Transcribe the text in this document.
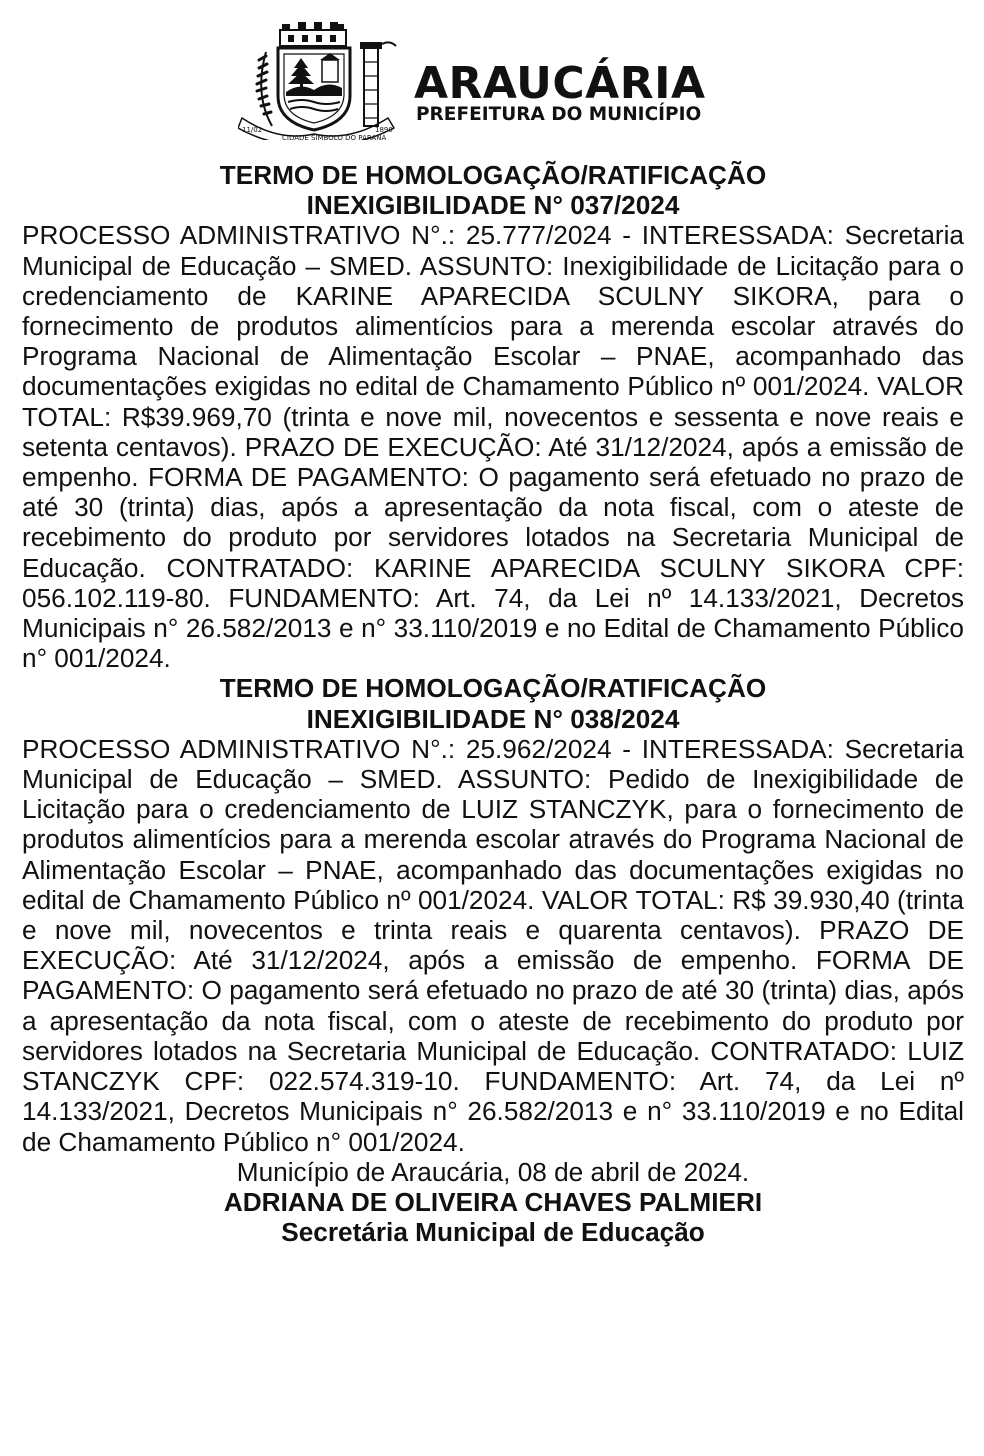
11/02
CIDADE SÍMBOLO DO PARANÁ
1890
ARAUCÁRIA
PREFEITURA DO MUNICÍPIO

TERMO DE HOMOLOGAÇÃO/RATIFICAÇÃO

INEXIGIBILIDADE N° 037/2024

PROCESSO ADMINISTRATIVO N°.: 25.777/2024 - INTERESSADA: Secretaria Municipal de Educação – SMED. ASSUNTO: Inexigibilidade de Licitação para o credenciamento de KARINE APARECIDA SCULNY SIKORA, para o fornecimento de produtos alimentícios para a merenda escolar através do Programa Nacional de Alimentação Escolar – PNAE, acompanhado das documentações exigidas no edital de Chamamento Público nº 001/2024. VALOR TOTAL: R$39.969,70 (trinta e nove mil, novecentos e sessenta e nove reais e setenta centavos). PRAZO DE EXECUÇÃO: Até 31/12/2024, após a emissão de empenho. FORMA DE PAGAMENTO: O pagamento será efetuado no prazo de até 30 (trinta) dias, após a apresentação da nota fiscal, com o ateste de recebimento do produto por servidores lotados na Secretaria Municipal de Educação. CONTRATADO: KARINE APARECIDA SCULNY SIKORA CPF: 056.102.119-80. FUNDAMENTO: Art. 74, da Lei nº 14.133/2021, Decretos Municipais n° 26.582/2013 e n° 33.110/2019 e no Edital de Chamamento Público n° 001/2024.

TERMO DE HOMOLOGAÇÃO/RATIFICAÇÃO

INEXIGIBILIDADE N° 038/2024

PROCESSO ADMINISTRATIVO N°.: 25.962/2024 - INTERESSADA: Secretaria Municipal de Educação – SMED. ASSUNTO: Pedido de Inexigibilidade de Licitação para o credenciamento de LUIZ STANCZYK, para o fornecimento de produtos alimentícios para a merenda escolar através do Programa Nacional de Alimentação Escolar – PNAE, acompanhado das documentações exigidas no edital de Chamamento Público nº 001/2024. VALOR TOTAL: R$ 39.930,40 (trinta e nove mil, novecentos e trinta reais e quarenta centavos). PRAZO DE EXECUÇÃO: Até 31/12/2024, após a emissão de empenho. FORMA DE PAGAMENTO: O pagamento será efetuado no prazo de até 30 (trinta) dias, após a apresentação da nota fiscal, com o ateste de recebimento do produto por servidores lotados na Secretaria Municipal de Educação. CONTRATADO: LUIZ STANCZYK CPF: 022.574.319-10. FUNDAMENTO: Art. 74, da Lei nº 14.133/2021, Decretos Municipais n° 26.582/2013 e n° 33.110/2019 e no Edital de Chamamento Público n° 001/2024.

Município de Araucária, 08 de abril de 2024.

ADRIANA DE OLIVEIRA CHAVES PALMIERI

Secretária Municipal de Educação
